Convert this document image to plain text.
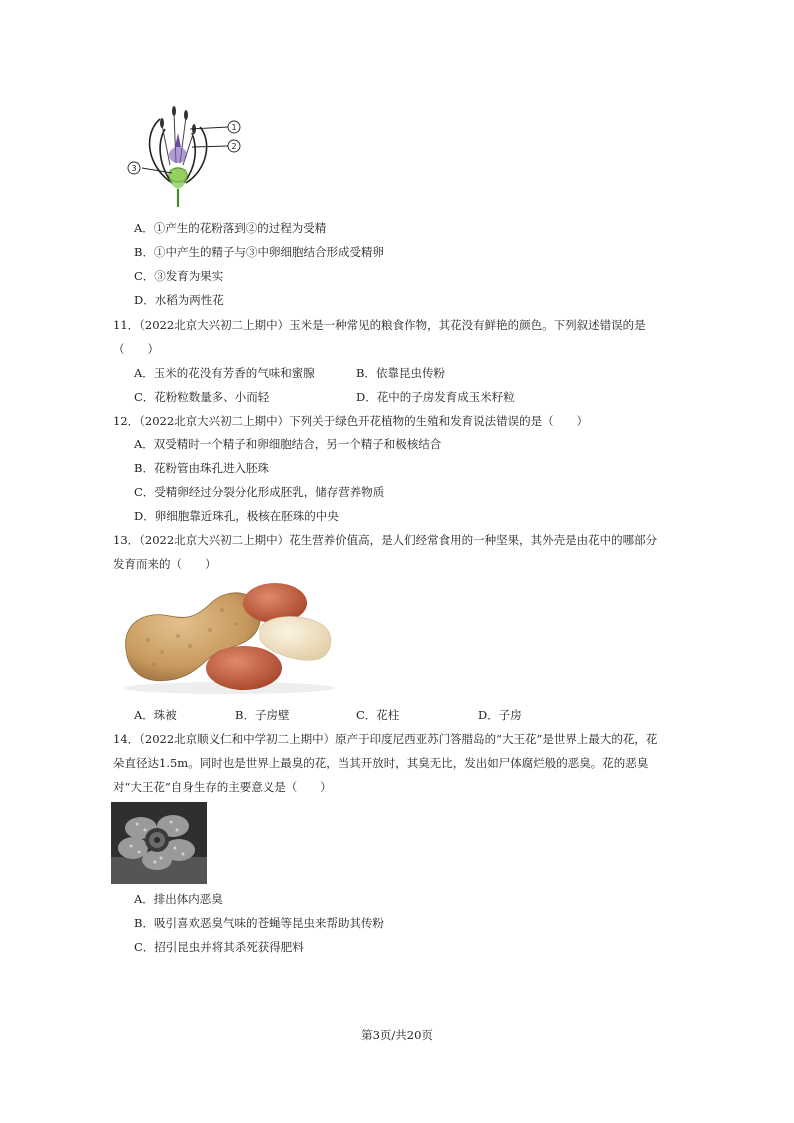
1
2
3
A．①产生的花粉落到②的过程为受精
B．①中产生的精子与③中卵细胞结合形成受精卵
C．③发育为果实
D．水稻为两性花
11．（2022北京大兴初二上期中）玉米是一种常见的粮食作物，其花没有鲜艳的颜色。下列叙述错误的是
（　　）
A．玉米的花没有芳香的气味和蜜腺	B．依靠昆虫传粉
C．花粉粒数量多、小而轻	D．花中的子房发育成玉米籽粒
12．（2022北京大兴初二上期中）下列关于绿色开花植物的生殖和发育说法错误的是（　　）
A．双受精时一个精子和卵细胞结合，另一个精子和极核结合
B．花粉管由珠孔进入胚珠
C．受精卵经过分裂分化形成胚乳，储存营养物质
D．卵细胞靠近珠孔，极核在胚珠的中央
13．（2022北京大兴初二上期中）花生营养价值高，是人们经常食用的一种坚果，其外壳是由花中的哪部分
发育而来的（　　）
A．珠被	B．子房壁	C．花柱	D．子房
14．（2022北京顺义仁和中学初二上期中）原产于印度尼西亚苏门答腊岛的“大王花”是世界上最大的花，花
朵直径达1.5m。同时也是世界上最臭的花，当其开放时，其臭无比，发出如尸体腐烂般的恶臭。花的恶臭
对“大王花”自身生存的主要意义是（　　）
A．排出体内恶臭
B．吸引喜欢恶臭气味的苍蝇等昆虫来帮助其传粉
C．招引昆虫并将其杀死获得肥料
第3页/共20页
